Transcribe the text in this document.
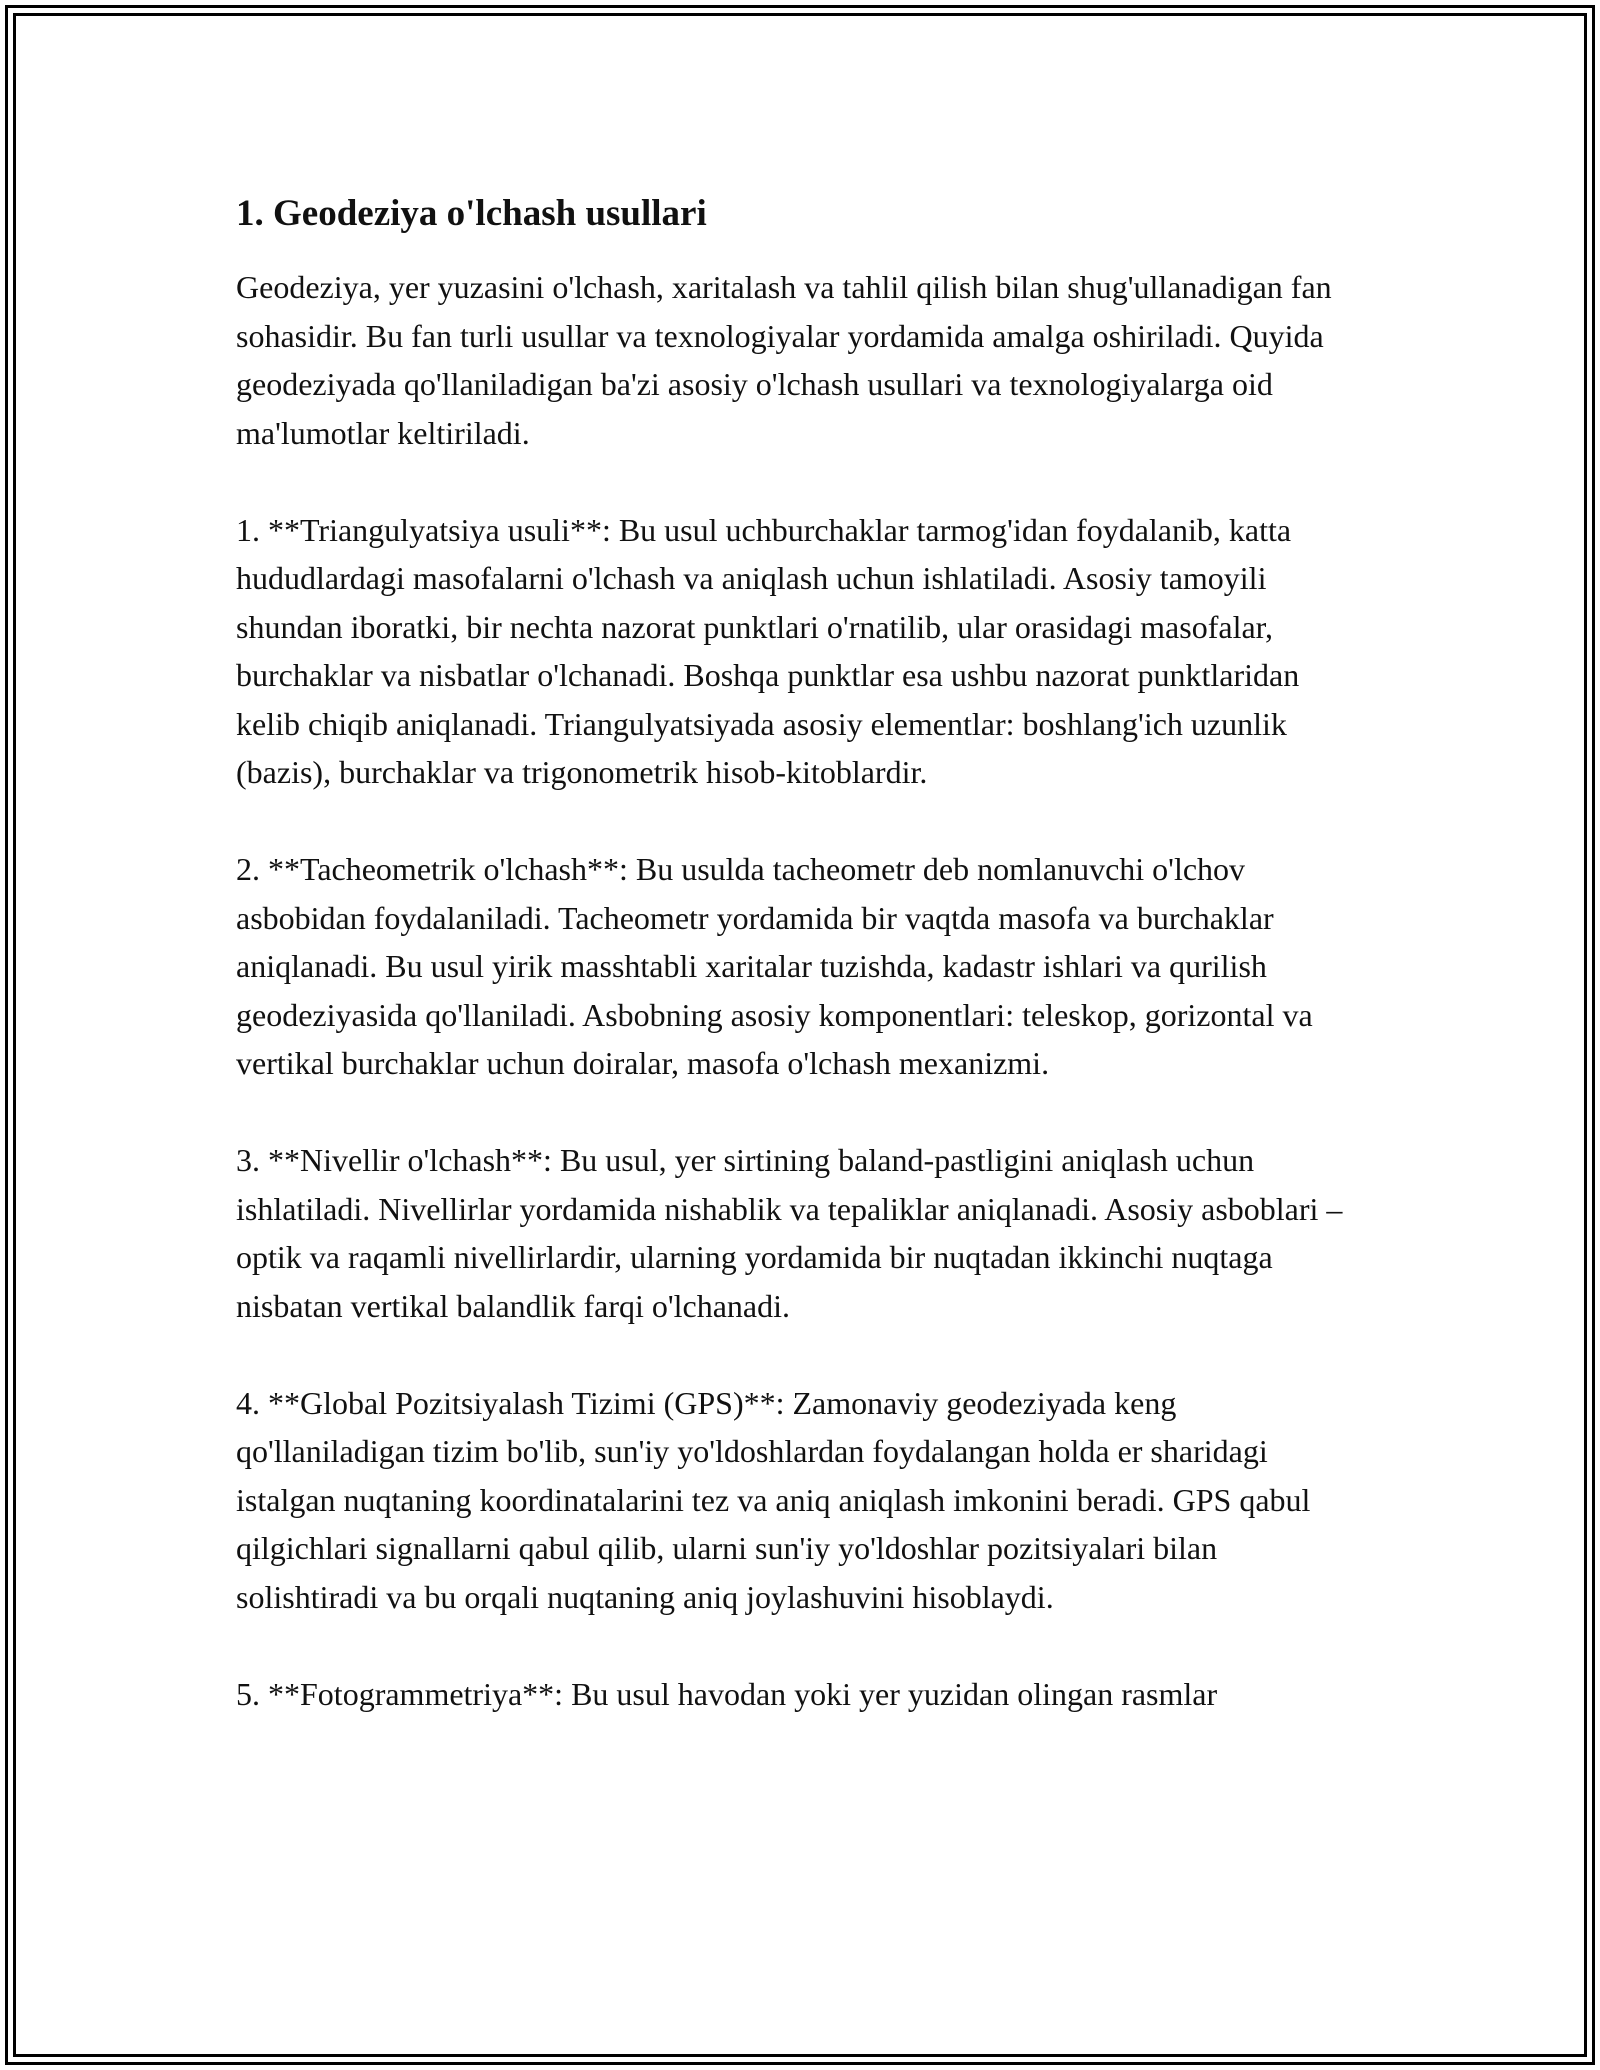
1. Geodeziya o'lchash usullari

Geodeziya, yer yuzasini o'lchash, xaritalash va tahlil qilish bilan shug'ullanadigan fan sohasidir. Bu fan turli usullar va texnologiyalar yordamida amalga oshiriladi. Quyida geodeziyada qo'llaniladigan ba'zi asosiy o'lchash usullari va texnologiyalarga oid ma'lumotlar keltiriladi.

1. **Triangulyatsiya usuli**: Bu usul uchburchaklar tarmog'idan foydalanib, katta hududlardagi masofalarni o'lchash va aniqlash uchun ishlatiladi. Asosiy tamoyili shundan iboratki, bir nechta nazorat punktlari o'rnatilib, ular orasidagi masofalar, burchaklar va nisbatlar o'lchanadi. Boshqa punktlar esa ushbu nazorat punktlaridan kelib chiqib aniqlanadi. Triangulyatsiyada asosiy elementlar: boshlang'ich uzunlik (bazis), burchaklar va trigonometrik hisob-kitoblardir.

2. **Tacheometrik o'lchash**: Bu usulda tacheometr deb nomlanuvchi o'lchov asbobidan foydalaniladi. Tacheometr yordamida bir vaqtda masofa va burchaklar aniqlanadi. Bu usul yirik masshtabli xaritalar tuzishda, kadastr ishlari va qurilish geodeziyasida qo'llaniladi. Asbobning asosiy komponentlari: teleskop, gorizontal va vertikal burchaklar uchun doiralar, masofa o'lchash mexanizmi.

3. **Nivellir o'lchash**: Bu usul, yer sirtining baland-pastligini aniqlash uchun ishlatiladi. Nivellirlar yordamida nishablik va tepaliklar aniqlanadi. Asosiy asboblari – optik va raqamli nivellirlardir, ularning yordamida bir nuqtadan ikkinchi nuqtaga nisbatan vertikal balandlik farqi o'lchanadi.

4. **Global Pozitsiyalash Tizimi (GPS)**: Zamonaviy geodeziyada keng qo'llaniladigan tizim bo'lib, sun'iy yo'ldoshlardan foydalangan holda er sharidagi istalgan nuqtaning koordinatalarini tez va aniq aniqlash imkonini beradi. GPS qabul qilgichlari signallarni qabul qilib, ularni sun'iy yo'ldoshlar pozitsiyalari bilan solishtiradi va bu orqali nuqtaning aniq joylashuvini hisoblaydi.

5. **Fotogrammetriya**: Bu usul havodan yoki yer yuzidan olingan rasmlar
